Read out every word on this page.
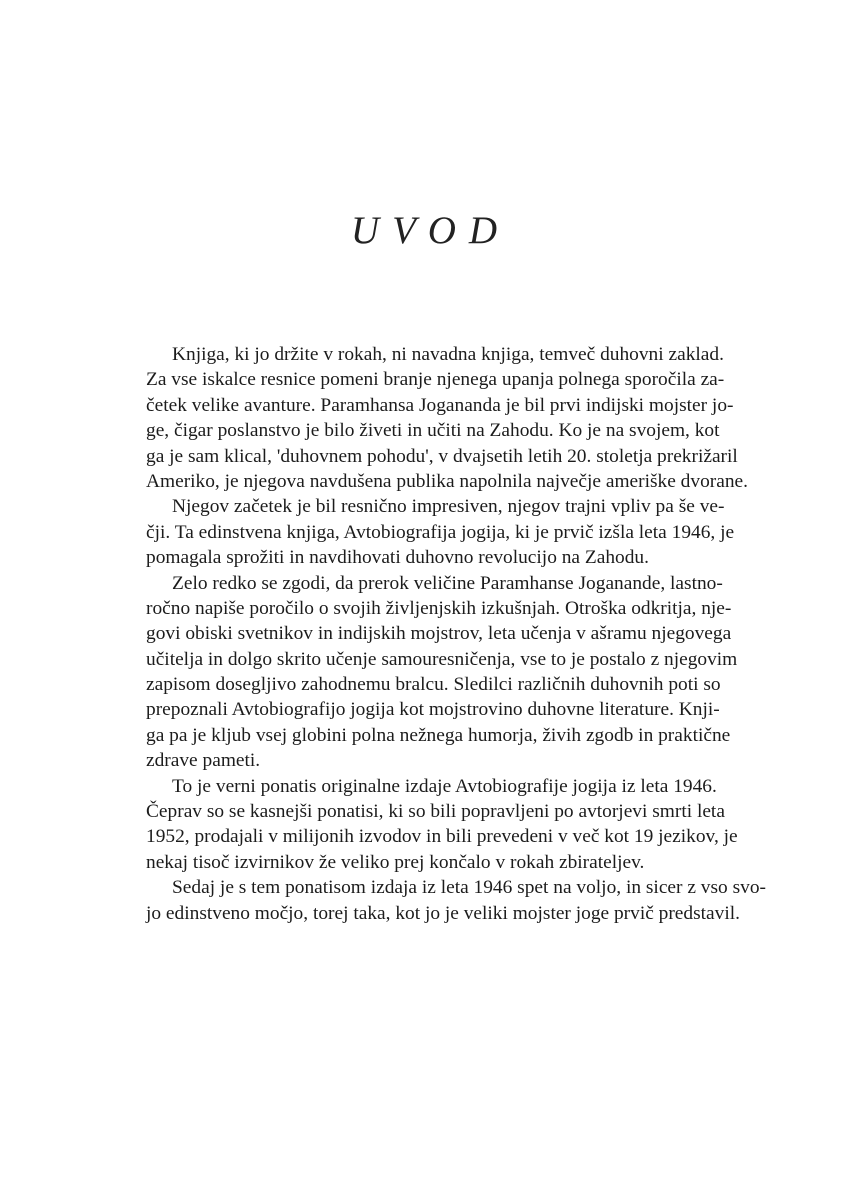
UVOD
Knjiga, ki jo držite v rokah, ni navadna knjiga, temveč duhovni zaklad.
Za vse iskalce resnice pomeni branje njenega upanja polnega sporočila za-
četek velike avanture. Paramhansa Joganandа je bil prvi indijski mojster jo-
ge, čigar poslanstvo je bilo živeti in učiti na Zahodu. Ko je na svojem, kot
ga je sam klical, 'duhovnem pohodu', v dvajsetih letih 20. stoletja prekrižaril
Ameriko, je njegova navdušena publika napolnila največje ameriške dvorane.
Njegov začetek je bil resnično impresiven, njegov trajni vpliv pa še ve-
čji. Ta edinstvena knjiga, Avtobiografija jogija, ki je prvič izšla leta 1946, je
pomagala sprožiti in navdihovati duhovno revolucijo na Zahodu.
Zelo redko se zgodi, da prerok veličine Paramhanse Joganande, lastno-
ročno napiše poročilo o svojih življenjskih izkušnjah. Otroška odkritja, nje-
govi obiski svetnikov in indijskih mojstrov, leta učenja v ašramu njegovega
učitelja in dolgo skrito učenje samouresničenja, vse to je postalo z njegovim
zapisom dosegljivo zahodnemu bralcu. Sledilci različnih duhovnih poti so
prepoznali Avtobiografijo jogija kot mojstrovino duhovne literature. Knji-
ga pa je kljub vsej globini polna nežnega humorja, živih zgodb in praktične
zdrave pameti.
To je verni ponatis originalne izdaje Avtobiografije jogija iz leta 1946.
Čeprav so se kasnejši ponatisi, ki so bili popravljeni po avtorjevi smrti leta
1952, prodajali v milijonih izvodov in bili prevedeni v več kot 19 jezikov, je
nekaj tisoč izvirnikov že veliko prej končalo v rokah zbirateljev.
Sedaj je s tem ponatisom izdaja iz leta 1946 spet na voljo, in sicer z vso svo-
jo edinstveno močjo, torej taka, kot jo je veliki mojster joge prvič predstavil.
